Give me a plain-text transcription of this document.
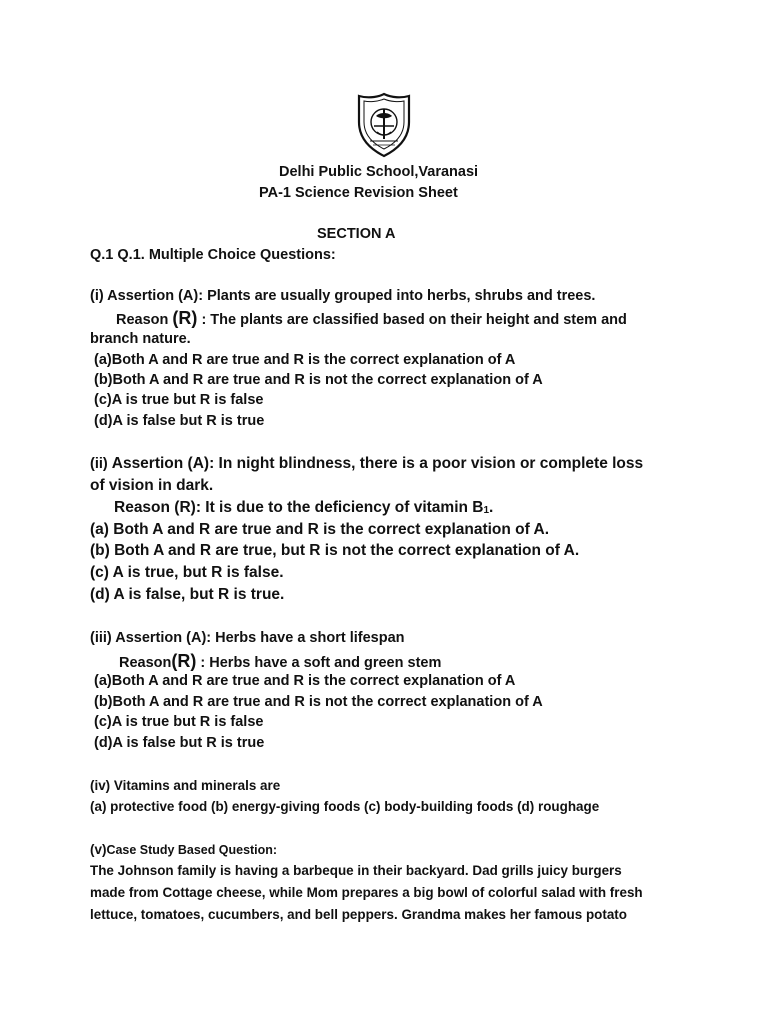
Delhi Public School,Varanasi
PA-1 Science Revision Sheet
SECTION A
Q.1 Q.1. Multiple Choice Questions:
(i) Assertion (A): Plants are usually grouped into herbs, shrubs and trees.
Reason (R) : The plants are classified based on their height and stem and
branch nature.
(a)Both A and R are true and R is the correct explanation of A
(b)Both A and R are true and R is not the correct explanation of A
(c)A is true but R is false
(d)A is false but R is true
(ii) Assertion (A): In night blindness, there is a poor vision or complete loss
of vision in dark.
Reason (R): It is due to the deficiency of vitamin $B_1$.
(a) Both A and R are true and R is the correct explanation of A.
(b) Both A and R are true, but R is not the correct explanation of A.
(c) A is true, but R is false.
(d) A is false, but R is true.
(iii) Assertion (A): Herbs have a short lifespan
Reason(R) : Herbs have a soft and green stem
(a)Both A and R are true and R is the correct explanation of A
(b)Both A and R are true and R is not the correct explanation of A
(c)A is true but R is false
(d)A is false but R is true
(iv) Vitamins and minerals are
(a) protective food (b) energy-giving foods (c) body-building foods (d) roughage
(v)Case Study Based Question:
The Johnson family is having a barbeque in their backyard. Dad grills juicy burgers
made from Cottage cheese, while Mom prepares a big bowl of colorful salad with fresh
lettuce, tomatoes, cucumbers, and bell peppers. Grandma makes her famous potato
